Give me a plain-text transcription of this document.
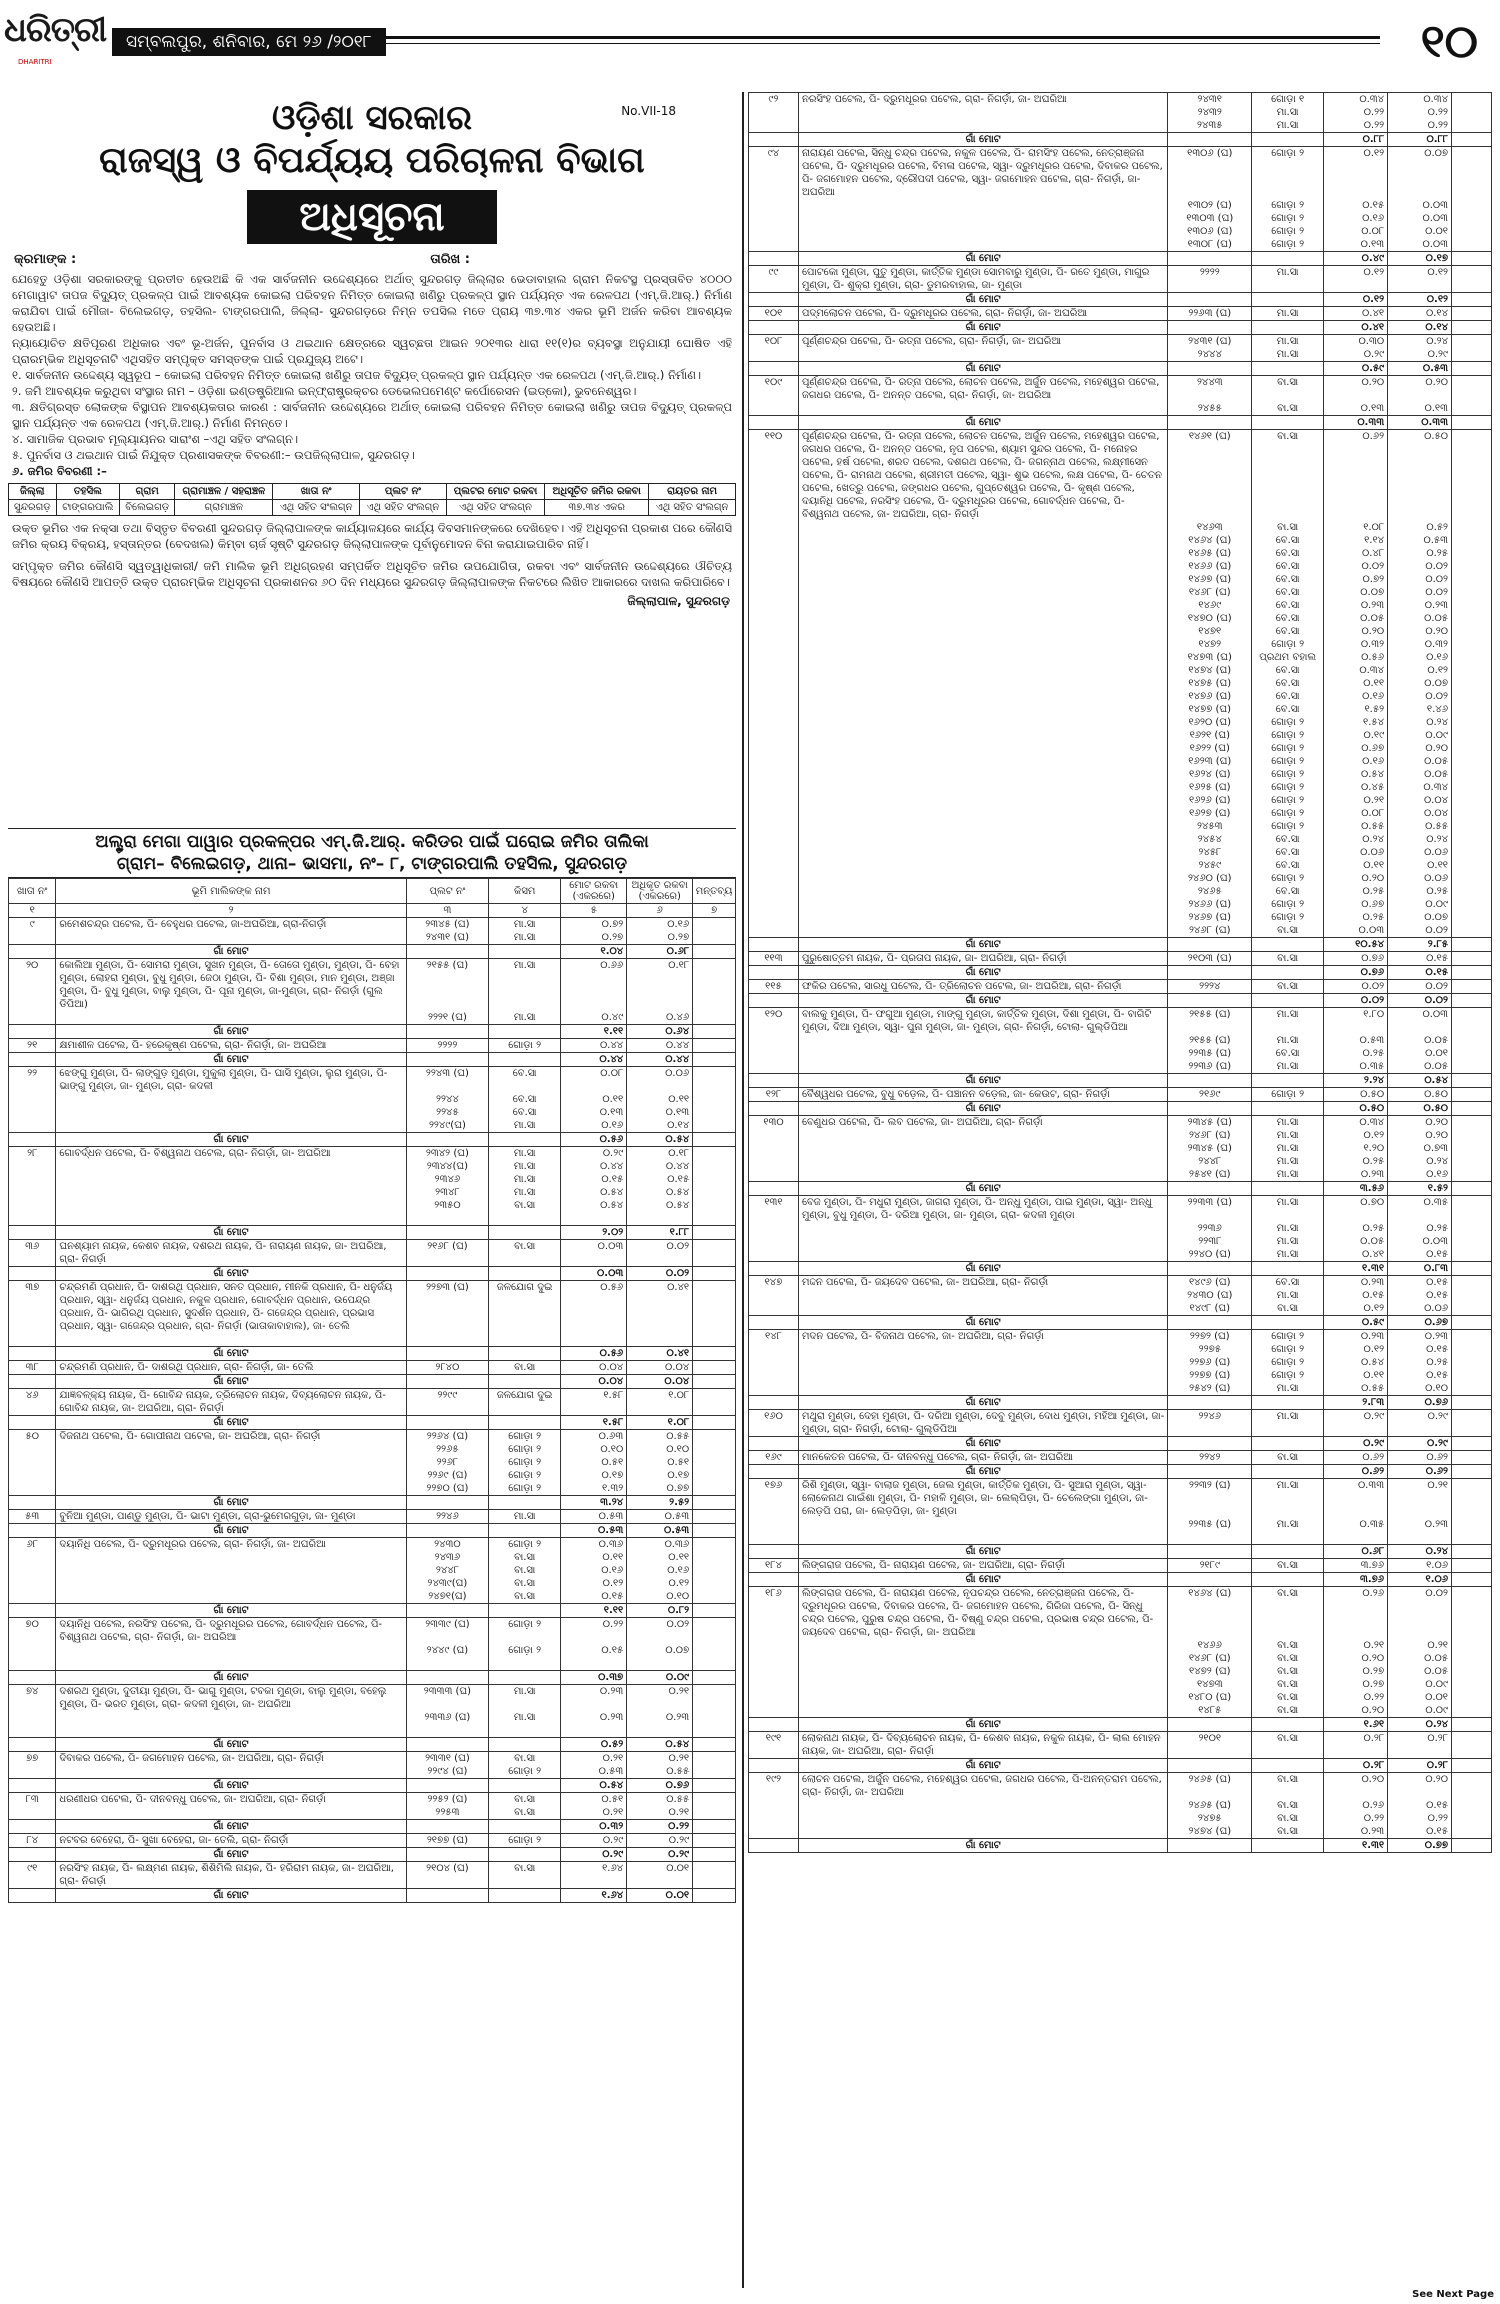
ଧରିତ୍ରୀ
DHARITRI
ସମ୍ବଲପୁର, ଶନିବାର, ମେ ୨୬ /୨୦୧୮	୧୦
No.VII-18
ଓଡ଼ିଶା ସରକାର
ରାଜସ୍ୱ ଓ ବିପର୍ଯ୍ୟୟ ପରିଚାଳନା ବିଭାଗ
ଅଧିସୂଚନା
କ୍ରମାଙ୍କ :	ତାରିଖ :
ଯେହେତୁ ଓଡ଼ିଶା ସରକାରଙ୍କୁ ପ୍ରତୀତ ହେଉଅଛି କି ଏକ ସାର୍ବଜନୀନ ଉଦ୍ଦେଶ୍ୟରେ ଅର୍ଥାତ୍ ସୁନ୍ଦରଗଡ଼ ଜିଲ୍ଲାର ଭେଡାବାହାଲ ଗ୍ରାମ ନିକଟସ୍ଥ ପ୍ରସ୍ତାବିତ ୪୦୦୦ ମେଗାୱାଟ ତାପଜ ବିଦ୍ୟୁତ୍ ପ୍ରକଳ୍ପ ପାଇଁ ଆବଶ୍ୟକ କୋଇଲା ପରିବହନ ନିମିତ୍ତ କୋଇଲା ଖଣିରୁ ପ୍ରକଳ୍ପ ସ୍ଥାନ ପର୍ଯ୍ୟନ୍ତ ଏକ ରେଳପଥ (ଏମ୍.ଜି.ଆର୍.) ନିର୍ମାଣ କରାଯିବା ପାଇଁ ମୌଜା- ବିଲେଇଗଡ଼, ତହସିଲ- ଟାଙ୍ଗରପାଲି, ଜିଲ୍ଲା- ସୁନ୍ଦରଗଡ଼ରେ ନିମ୍ନ ତପସିଲ ମତେ ପ୍ରାୟ ୩୭.୩୪ ଏକର ଭୂମି ଅର୍ଜନ କରିବା ଆବଶ୍ୟକ ହେଉଅଛି।
ନ୍ୟାୟୋଚିତ କ୍ଷତିପୂରଣ ଅଧିକାର ଏବଂ ଭୂ-ଅର୍ଜନ, ପୁନର୍ବାସ ଓ ଥଇଥାନ କ୍ଷେତ୍ରରେ ସ୍ୱଚ୍ଛତା ଆଇନ ୨୦୧୩ର ଧାରା ୧୧(୧)ର ବ୍ୟବସ୍ଥା ଅନୁଯାୟୀ ଘୋଷିତ ଏହି ପ୍ରାରମ୍ଭିକ ଅଧିସୂଚନାଟି ଏଥିସହିତ ସମ୍ପୃକ୍ତ ସମସ୍ତଙ୍କ ପାଇଁ ପ୍ରଯୁଜ୍ୟ ଅଟେ।
୧. ସାର୍ବଜନୀନ ଉଦ୍ଦେଶ୍ୟ ସ୍ୱରୂପ – କୋଇଲା ପରିବହନ ନିମିତ୍ତ କୋଇଲା ଖଣିରୁ ତାପଜ ବିଦ୍ୟୁତ୍ ପ୍ରକଳ୍ପ ସ୍ଥାନ ପର୍ଯ୍ୟନ୍ତ ଏକ ରେଳପଥ (ଏମ୍.ଜି.ଆର୍.) ନିର୍ମାଣ।
୨. ଜମି ଆବଶ୍ୟକ କରୁଥିବା ସଂସ୍ଥାର ନାମ – ଓଡ଼ିଶା ଇଣ୍ଡଷ୍ଟ୍ରିଆଲ ଇନ୍‌ଫ୍ରାଷ୍ଟ୍ରକ୍ଚର ଡେଭେଲପମେଣ୍ଟ କର୍ପୋରେସନ (ଇଡ୍‌କୋ), ଭୁବନେଶ୍ୱର।
୩. କ୍ଷତିଗ୍ରସ୍ତ ଲୋକଙ୍କ ବିସ୍ଥାପନ ଆବଶ୍ୟକତାର କାରଣ : ସାର୍ବଜନୀନ ଉଦ୍ଦେଶ୍ୟରେ ଅର୍ଥାତ୍ କୋଇଲା ପରିବହନ ନିମିତ୍ତ କୋଇଲା ଖଣିରୁ ତାପଜ ବିଦ୍ୟୁତ୍ ପ୍ରକଳ୍ପ ସ୍ଥାନ ପର୍ଯ୍ୟନ୍ତ ଏକ ରେଳପଥ (ଏମ୍.ଜି.ଆର୍.) ନିର୍ମାଣ ନିମନ୍ତେ।
୪. ସାମାଜିକ ପ୍ରଭାବ ମୂଲ୍ୟାୟନର ସାରାଂଶ –ଏଥି ସହିତ ସଂଲଗ୍ନ।
୫. ପୁନର୍ବାସ ଓ ଥଇଥାନ ପାଇଁ ନିଯୁକ୍ତ ପ୍ରଶାସକଙ୍କ ବିବରଣୀ:– ଉପଜିଲ୍ଲାପାଳ, ସୁନ୍ଦରଗଡ଼।
୬. ଜମିର ବିବରଣୀ :–
ଜିଲ୍ଲା	ତହସିଲ	ଗ୍ରାମ	ଗ୍ରାମାଞ୍ଚଳ / ସହରାଞ୍ଚଳ	ଖାତା ନଂ	ପ୍ଲଟ ନଂ	ପ୍ଲଟର ମୋଟ ରକବା	ଅଧିସୂଚିତ ଜମିର ରକବା	ରାୟତର ନାମ
ସୁନ୍ଦରଗଡ଼	ଟାଙ୍ଗରପାଲି	ବିଲେଇଗଡ଼	ଗ୍ରାମାଞ୍ଚଳ	ଏଥି ସହିତ ସଂଲଗ୍ନ	ଏଥି ସହିତ ସଂଲଗ୍ନ	ଏଥି ସହିତ ସଂଲଗ୍ନ	୩୭.୩୪ ଏକର	ଏଥି ସହିତ ସଂଲଗ୍ନ
ଉକ୍ତ ଭୂମିର ଏକ ନକ୍ସା ତଥା ବିସ୍ତୃତ ବିବରଣୀ ସୁନ୍ଦରଗଡ଼ ଜିଲ୍ଲାପାଳଙ୍କ କାର୍ଯ୍ୟାଳୟରେ କାର୍ଯ୍ୟ ଦିବସମାନଙ୍କରେ ଦେଖିହେବ। ଏହି ଅଧିସୂଚନା ପ୍ରକାଶ ପରେ କୌଣସି ଜମିର କ୍ରୟ ବିକ୍ରୟ, ହସ୍ତାନ୍ତର (ବେଦଖଲ) କିମ୍ବା ଚାର୍ଜ ସୃଷ୍ଟି ସୁନ୍ଦରଗଡ଼ ଜିଲ୍ଲାପାଳଙ୍କ ପୂର୍ବାନୁମୋଦନ ବିନା କରାଯାଇପାରିବ ନାହିଁ।
ସମ୍ପୃକ୍ତ ଜମିର କୌଣସି ସ୍ୱତ୍ୱାଧିକାରୀ/ ଜମି ମାଲିକ ଭୂମି ଅଧିଗ୍ରହଣ ସମ୍ପର୍କିତ ଅଧିସୂଚିତ ଜମିର ଉପଯୋଗିତା, ରକବା ଏବଂ ସାର୍ବଜନୀନ ଉଦ୍ଦେଶ୍ୟରେ ଔଚିତ୍ୟ ବିଷୟରେ କୌଣସି ଆପତ୍ତି ଉକ୍ତ ପ୍ରାରମ୍ଭିକ ଅଧିସୂଚନା ପ୍ରକାଶନର ୬୦ ଦିନ ମଧ୍ୟରେ ସୁନ୍ଦରଗଡ଼ ଜିଲ୍ଲାପାଳଙ୍କ ନିକଟରେ ଲିଖିତ ଆକାରରେ ଦାଖଲ କରିପାରିବେ।
ଜିଲ୍ଲାପାଳ, ସୁନ୍ଦରଗଡ଼
ଅଲ୍ଟ୍ରା ମେଗା ପାୱାର ପ୍ରକଳ୍ପର ଏମ୍.ଜି.ଆର୍. କରିଡର ପାଇଁ ଘରୋଇ ଜମିର ତାଲିକା
ଗ୍ରାମ– ବିଲେଇଗଡ଼, ଥାନା– ଭାସମା, ନଂ– ୮, ଟାଙ୍ଗରପାଲି ତହସିଲ, ସୁନ୍ଦରଗଡ଼
ଖାତା ନଂ	ଭୂମି ମାଲିକଙ୍କ ନାମ	ପ୍ଲଟ ନଂ	କିସମ	ମୋଟ ରକବା (ଏକରରେ)	ଅଧିକୃତ ରକବା (ଏକରରେ)	ମନ୍ତବ୍ୟ
୧	୨	୩	୪	୫	୬	୭
୯	ରମେଶଚନ୍ଦ୍ର ପଟେଲ, ପି- ବେହୁଧର ପଟେଲ, ଜା-ଅଘରିଆ, ଗ୍ରା-ନିଗର୍ଡ଼ା	୨୩୪୫ (ଘ)	ମା.ସା	୦.୭୨	୦.୧୬	
		୨୪୩୧ (ଘ)	ମା.ସା	୦.୨୭	୦.୨୭	
	ଗାଁ ମୋଟ			୧.୦୪	୦.୬୮	
୨୦	କୋଲିଆ ମୁଣ୍ଡା, ପି- ସୋମରା ମୁଣ୍ଡା, ସୁଖନ ମୁଣ୍ଡା, ପି- ତୋତୋ ମୁଣ୍ଡା, ମୁଣ୍ଡା, ପି- ବେହା ମୁଣ୍ଡା, ଲୋହରା ମୁଣ୍ଡା, ବୁଧୁ ମୁଣ୍ଡା, ଜେଠା ମୁଣ୍ଡା, ପି- ବିଶା ମୁଣ୍ଡା, ମାନ ମୁଣ୍ଡା, ଅଞ୍ଜା ମୁଣ୍ଡା, ପି- ବୁଧୁ ମୁଣ୍ଡା, ବାଲୁ ମୁଣ୍ଡା, ପି- ପୂନା ମୁଣ୍ଡା, ଜା-ମୁଣ୍ଡା, ଗ୍ରା- ନିଗର୍ଡ଼ା (ଗୁଲ ଡିପିଆ)	୨୧୫୫ (ଘ)	ମା.ସା	୦.୬୬	୦.୧୮	
		୨୨୨୧ (ଘ)	ମା.ସା	୦.୪୯	୦.୪୬	
	ଗାଁ ମୋଟ			୧.୧୧	୦.୬୪	
୨୧	କ୍ଷମାଶୀଳ ପଟେଲ, ପି- ହରେକୃଷ୍ଣ ପଟେଲ, ଗ୍ରା- ନିଗର୍ଡ଼ା, ଜା- ଅଘରିଆ	୨୨୨୨	ଗୋଡ଼ା ୨	୦.୪୪	୦.୪୪	
	ଗାଁ ମୋଟ			୦.୪୪	୦.୪୪	
୨୨	ଝେଙ୍ଗୁ ମୁଣ୍ଡା, ପି- ଲାଙ୍ଗୁଡ଼ ମୁଣ୍ଡା, ମୁକୁଲା ମୁଣ୍ଡା, ପି- ଘାସି ମୁଣ୍ଡା, ଲୁରା ମୁଣ୍ଡା, ପି- ଭାଙ୍ଗୁ ମୁଣ୍ଡା, ଜା- ମୁଣ୍ଡା, ଗ୍ରା- କଦଳୀ	୨୨୪୩ (ଘ)	ବେ.ସା	୦.୦୮	୦.୦୬	
		୨୨୪୪	ବେ.ସା	୦.୧୧	୦.୧୧	
		୨୨୪୫	ବେ.ସା	୦.୧୩	୦.୧୩	
		୨୨୪୯(ଘ)	ମା.ସା	୦.୧୬	୦.୧୪	
	ଗାଁ ମୋଟ			୦.୫୬	୦.୫୪	
୨୮	ଗୋବର୍ଦ୍ଧନ ପଟେଲ, ପି- ବିଶ୍ୱନାଥ ପଟେଲ, ଗ୍ରା- ନିଗର୍ଡ଼ା, ଜା- ଅଘରିଆ	୨୩୪୨ (ଘ)	ମା.ସା	୦.୨୯	୦.୧୮	
		୨୩୪୪(ଘ)	ମା.ସା	୦.୪୪	୦.୪୪	
		୨୩୪୬	ମା.ସା	୦.୧୫	୦.୧୫	
		୨୩୪୮	ମା.ସା	୦.୫୪	୦.୫୪	
		୨୩୫୦	ବା.ସା	୦.୫୪	୦.୫୪	

	ଗାଁ ମୋଟ			୨.୦୨	୧.୮୮	
୩୬	ଘନଶ୍ୟାମ ନାୟକ, କେଶବ ନାୟକ, ଦଶରଥ ନାୟକ, ପି- ନାରାୟଣ ନାୟକ, ଜା- ଅଘରିଆ, ଗ୍ରା- ନିଗର୍ଡ଼ା	୨୧୬୮ (ଘ)	ବା.ସା	୦.୦୩	୦.୦୨	
	ଗାଁ ମୋଟ			୦.୦୩	୦.୦୨	
୩୭	ଚନ୍ଦ୍ରମଣି ପ୍ରଧାନ, ପି- ଦାଶରଥି ପ୍ରଧାନ, ସନତ ପ୍ରଧାନ, ମୀନକି ପ୍ରଧାନ, ପି- ଧନୁର୍ଜୟ ପ୍ରଧାନ, ସ୍ୱା- ଧନୁର୍ଜୟ ପ୍ରଧାନ, ନକୁଳ ପ୍ରଧାନ, ଗୋବର୍ଦ୍ଧନ ପ୍ରଧାନ, ଉପେନ୍ଦ୍ର ପ୍ରଧାନ, ପି- ଭାଗିରଥି ପ୍ରଧାନ, ସୁଦର୍ଶନ ପ୍ରଧାନ, ପି- ଗଜେନ୍ଦ୍ର ପ୍ରଧାନ, ପ୍ରଭାସ ପ୍ରଧାନ, ସ୍ୱା- ଗଜେନ୍ଦ୍ର ପ୍ରଧାନ, ଗ୍ରା- ନିଗର୍ଡ଼ା (ଭାତାକାବାହାଲ), ଜା- ତେଲି	୨୨୭୩ (ଘ)	ଜଳଯୋଗ ଦୁଇ	୦.୫୬	୦.୪୧	

	ଗାଁ ମୋଟ			୦.୫୬	୦.୪୧	
୩୮	ଚନ୍ଦ୍ରମଣି ପ୍ରଧାନ, ପି- ଦାଶରଥି ପ୍ରଧାନ, ଗ୍ରା- ନିଗର୍ଡ଼ା, ଜା- ତେଲି	୨୮୪୦	ବା.ସା	୦.୦୪	୦.୦୪	
	ଗାଁ ମୋଟ			୦.୦୪	୦.୦୪	
୪୬	ଯାଜ୍ଞବଳ୍କ୍ୟ ନାୟକ, ପି- ଗୋବିନ୍ଦ ନାୟକ, ତ୍ରିଲୋଚନ ନାୟକ, ଦିବ୍ୟଲୋଚନ ନାୟକ, ପି- ଗୋବିନ୍ଦ ନାୟକ, ଜା- ଅଘରିଆ, ଗ୍ରା- ନିଗର୍ଡ଼ା	୨୨୯୯	ଜଳଯୋଗ ଦୁଇ	୧.୫୮	୧.୦୮	
	ଗାଁ ମୋଟ			୧.୫୮	୧.୦୮	
୫୦	ଦିଜନାଥ ପଟେଲ, ପି- ଗୋପୀନାଥ ପଟେଲ, ଜା- ଅଘରିଆ, ଗ୍ରା- ନିଗର୍ଡ଼ା	୨୨୬୪ (ଘ)	ଗୋଡ଼ା ୨	୦.୬୩	୦.୫୫	
		୨୨୬୫	ଗୋଡ଼ା ୨	୦.୧୦	୦.୧୦	
		୨୨୬୮	ଗୋଡ଼ା ୨	୦.୫୧	୦.୫୧	
		୨୨୬୯ (ଘ)	ଗୋଡ଼ା ୨	୦.୧୭	୦.୧୭	
		୨୨୭୦ (ଘ)	ଗୋଡ଼ା ୨	୧.୩୨	୦.୭୭	
	ଗାଁ ମୋଟ			୩.୨୪	୨.୫୨	
୫୩	ବୁନିଆ ମୁଣ୍ଡା, ପାଣ୍ଡୁ ମୁଣ୍ଡା, ପି- ଭାଟା ମୁଣ୍ଡା, ଗ୍ରା-ଭୁମେରଗୁଡ଼ା, ଜା- ମୁଣ୍ଡା	୨୨୪୬	ମା.ସା	୦.୫୩	୦.୫୩	
	ଗାଁ ମୋଟ			୦.୫୩	୦.୫୩	
୬୮	ଦୟାନିଧି ପଟେଲ, ପି- ଦ୍ରୁମଧୂରର ପଟେଲ, ଗ୍ରା- ନିଗର୍ଡ଼ା, ଜା- ଅଘରିଆ	୨୪୩୦	ଗୋଡ଼ା ୨	୦.୩୬	୦.୩୬	
		୨୪୩୬	ବା.ସା	୦.୧୧	୦.୧୧	
		୨୪୪୮	ବା.ସା	୦.୧୬	୦.୧୬	
		୨୪୩୯(ଘ)	ବା.ସା	୦.୧୨	୦.୧୨	
		୨୪୭୧(ଘ)	ବା.ସା	୦.୧୫	୦.୧୦	
	ଗାଁ ମୋଟ			୧.୧୧	୦.୮୨	
୭୦	ଦୟାନିଧି ପଟେଲ, ନରସିଂହ ପଟେଲ, ପି- ଦ୍ରୁମଧୂରର ପଟେଲ, ଗୋବର୍ଦ୍ଧନ ପଟେଲ, ପି- ବିଶ୍ୱନାଥ ପଟେଲ, ଗ୍ରା- ନିଗର୍ଡ଼ା, ଜା- ଅଘରିଆ	୨୩୩୯ (ଘ)	ଗୋଡ଼ା ୨	୦.୨୨	୦.୦୨	
		୨୪୪୯ (ଘ)	ଗୋଡ଼ା ୨	୦.୧୫	୦.୦୭	

	ଗାଁ ମୋଟ			୦.୩୭	୦.୦୯	
୭୪	ଦଶରଥ ମୁଣ୍ଡା, ଦୁତୀୟା ମୁଣ୍ଡା, ପି- ଭାଗୁ ମୁଣ୍ଡା, ଟବକା ମୁଣ୍ଡା, ବାଲୁ ମୁଣ୍ଡା, ବହେଲୁ ମୁଣ୍ଡା, ପି- ଭରତ ମୁଣ୍ଡା, ଗ୍ରା- କଦଳୀ ମୁଣ୍ଡା, ଜା- ଅଘରିଆ	୨୩୩୩ (ଘ)	ମା.ସା	୦.୨୩	୦.୨୧	
		୨୩୩୬ (ଘ)	ମା.ସା	୦.୨୩	୦.୨୩	

	ଗାଁ ମୋଟ			୦.୫୨	୦.୫୪	
୭୭	ଦିବାକର ପଟେଲ, ପି- ଜଗମୋହନ ପଟେଲ, ଜା- ଅଘରିଆ, ଗ୍ରା- ନିଗର୍ଡ଼ା	୨୩୩୧ (ଘ)	ବା.ସା	୦.୨୧	୦.୨୧	
		୨୨୯୪ (ଘ)	ଗୋଡ଼ା ୨	୦.୫୩	୦.୫୫	
	ଗାଁ ମୋଟ			୦.୫୪	୦.୭୬	
୮୩	ଧରଣୀଧର ପଟେଲ, ପି- ଦୀନବନ୍ଧୁ ପଟେଲ, ଜା- ଅଘରିଆ, ଗ୍ରା- ନିଗର୍ଡ଼ା	୨୨୫୨ (ଘ)	ବା.ସା	୦.୫୧	୦.୫୫	
		୨୨୫୩	ବା.ସା	୦.୨୧	୦.୨୧	
	ଗାଁ ମୋଟ			୦.୩୨	୦.୨୨	
୮୪	ନଟବର ବେହେରା, ପି- ସୁଖା ବେହେରା, ଜା- ତେଲି, ଗ୍ରା- ନିଗର୍ଡ଼ା	୨୧୭୭ (ଘ)	ଗୋଡ଼ା ୨	୦.୨୯	୦.୨୯	
	ଗାଁ ମୋଟ			୦.୨୯	୦.୨୯	
୯୧	ନରସିଂହ ନାୟକ, ପି- ଲକ୍ଷ୍ମଣ ନାୟକ, ଶିଶିମିଲି ନାୟକ, ପି- ହରିରାମ ନାୟକ, ଜା- ଅଘରିଆ, ଗ୍ରା- ନିଗର୍ଡ଼ା	୨୧୦୪ (ଘ)	ବା.ସା	୧.୬୪	୦.୦୧	
	ଗାଁ ମୋଟ			୧.୬୪	୦.୦୧	
୯୨	ନରସିଂହ ପଟେଲ, ପି- ଦ୍ରୁମଧୂରର ପଟେଲ, ଗ୍ରା- ନିଗର୍ଡ଼ା, ଜା- ଅଘରିଆ	୨୪୩୧	ଗୋଡ଼ା ୧	୦.୩୪	୦.୩୪	
		୨୪୩୨	ମା.ସା	୦.୨୨	୦.୨୨	
		୨୪୩୫	ମା.ସା	୦.୨୨	୦.୨୨	
	ଗାଁ ମୋଟ			୦.୮୮	୦.୮୮	
୯୪	ନାରାୟଣ ପଟେଲ, ସିନ୍ଧୁ ଚନ୍ଦ୍ର ପଟେଲ, ନକୁଳ ପଟେଲ, ପି- ରାମସିଂହ ପଟେଲ, ନେତ୍ରାଞ୍ଜନା ପଟେଲ, ପି- ଦ୍ରୁମଧୂରର ପଟେଲ, ବିମଳା ପଟେଲ, ସ୍ୱା- ଦ୍ରୁମଧୂରର ପଟେଲ, ଦିବାକର ପଟେଲ, ପି- ଜଗମୋହନ ପଟେଲ, ଦ୍ରୌପଦୀ ପଟେଲ, ସ୍ୱା- ଜଗମୋହନ ପଟେଲ, ଗ୍ରା- ନିଗର୍ଡ଼ା, ଜା- ଅଘରିଆ	୧୩୦୬ (ଘ)	ଗୋଡ଼ା ୨	୦.୧୨	୦.୦୭	
		୧୩୦୨ (ଘ)	ଗୋଡ଼ା ୨	୦.୧୫	୦.୦୩	
		୧୩୦୩ (ଘ)	ଗୋଡ଼ା ୨	୦.୧୬	୦.୦୩	
		୧୩୦୬ (ଘ)	ଗୋଡ଼ା ୨	୦.୦୮	୦.୦୧	
		୧୩୦୮ (ଘ)	ଗୋଡ଼ା ୨	୦.୧୩	୦.୦୩	
	ଗାଁ ମୋଟ			୦.୪୯	୦.୧୭	
୯୯	ପୋଟକୋ ମୁଣ୍ଡା, ପୁତୁ ମୁଣ୍ଡା, କାର୍ତ୍ତିକ ମୁଣ୍ଡା ସୋମବାରୁ ମୁଣ୍ଡା, ପି- ରତେ ମୁଣ୍ଡା, ମାଗୁର ମୁଣ୍ଡା, ପି- ଶୁକ୍ରା ମୁଣ୍ଡା, ଗ୍ରା- ଡୁମରବାହାଲ, ଜା- ମୁଣ୍ଡା	୨୨୨୨	ମା.ସା	୦.୧୨	୦.୧୨	
	ଗାଁ ମୋଟ			୦.୧୨	୦.୧୨	
୧୦୧	ପଦ୍ମଲୋଚନ ପଟେଲ, ପି- ଦ୍ରୁମଧୂରର ପଟେଲ, ଗ୍ରା- ନିଗର୍ଡ଼ା, ଜା- ଅଘରିଆ	୨୨୬୩ (ଘ)	ମା.ସା	୦.୪୧	୦.୧୪	
	ଗାଁ ମୋଟ			୦.୪୧	୦.୧୪	
୧୦୮	ପୂର୍ଣ୍ଣଚନ୍ଦ୍ର ପଟେଲ, ପି- ରତ୍ନା ପଟେଲ, ଗ୍ରା- ନିଗର୍ଡ଼ା, ଜା- ଅଘରିଆ	୨୪୩୧ (ଘ)	ମା.ସା	୦.୩୦	୦.୨୪	
		୨୪୪୪	ମା.ସା	୦.୨୯	୦.୨୯	
	ଗାଁ ମୋଟ			୦.୫୯	୦.୫୩	
୧୦୯	ପୂର୍ଣ୍ଣଚନ୍ଦ୍ର ପଟେଲ, ପି- ରତ୍ନା ପଟେଲ, ଲୋଚନ ପଟେଲ, ଅର୍ଜୁନ ପଟେଲ, ମହେଶ୍ୱର ପଟେଲ, ଜଗଧର ପଟେଲ, ପି- ଅନନ୍ତ ପଟେଲ, ଗ୍ରା- ନିଗର୍ଡ଼ା, ଜା- ଅଘରିଆ	୨୪୪୩	ବା.ସା	୦.୨୦	୦.୨୦	
		୨୪୫୫	ବା.ସା	୦.୧୩	୦.୧୩	
	ଗାଁ ମୋଟ			୦.୩୩	୦.୩୩	
୧୧୦	ପୂର୍ଣ୍ଣଚନ୍ଦ୍ର ପଟେଲ, ପି- ରତ୍ନା ପଟେଲ, ଲୋଚନ ପଟେଲ, ଅର୍ଜୁନ ପଟେଲ, ମହେଶ୍ୱର ପଟେଲ, ଜଗଧର ପଟେଲ, ପି- ଅନନ୍ତ ପଟେଲ, ନୃପ ପଟେଲ, ଶ୍ୟାମ ସୁନ୍ଦର ପଟେଲ, ପି- ମନୋହର ପଟେଲ, ହର୍ଷ ପଟେଲ, ଶରତ ପଟେଲ, ଦଶରଥ ପଟେଲ, ପି- ଜଗନ୍ନାଥ ପଟେଲ, ଲକ୍ଷ୍ମୀସେନ ପଟେଲ, ପି- ରାମନାଥ ପଟେଲ, ଶ୍ରୀମତୀ ପଟେଲ, ସ୍ୱା- ଶୁଭ ପଟେଲ, ଲକ୍ଷ ପଟେଲ, ପି- ଚେତନ ପଟେଲ, ଖେତ୍ରୁ ପଟେଲ, ଜଙ୍ଗଧର ପଟେଲ, ଗୁପ୍ତେଶ୍ୱର ପଟେଲ, ପି- କୃଷ୍ଣ ପଟେଲ, ଦୟାନିଧି ପଟେଲ, ନରସିଂହ ପଟେଲ, ପି- ଦ୍ରୁମଧୂରର ପଟେଲ, ଗୋବର୍ଦ୍ଧନ ପଟେଲ, ପି- ବିଶ୍ୱନାଥ ପଟେଲ, ଜା- ଅଘରିଆ, ଗ୍ରା- ନିଗର୍ଡ଼ା	୧୪୬୧ (ଘ)	ବା.ସା	୦.୬୨	୦.୫୦	
		୧୪୬୩	ବା.ସା	୧.୦୮	୦.୫୨	
		୧୪୬୪ (ଘ)	ବେ.ସା	୧.୧୪	୦.୫୩	
		୧୪୬୫ (ଘ)	ବେ.ସା	୦.୪୮	୦.୨୫	
		୧୪୬୬ (ଘ)	ବେ.ସା	୦.୦୨	୦.୦୨	
		୧୪୬୭ (ଘ)	ବେ.ସା	୦.୭୨	୦.୦୨	
		୧୪୬୮ (ଘ)	ବେ.ସା	୦.୦୭	୦.୦୨	
		୧୪୬୯	ବେ.ସା	୦.୨୩	୦.୨୩	
		୧୪୭୦ (ଘ)	ବେ.ସା	୦.୦୫	୦.୦୫	
		୧୪୭୧	ବେ.ସା	୦.୨୦	୦.୨୦	
		୧୪୭୨	ଗୋଡ଼ା ୨	୦.୩୨	୦.୩୨	
		୧୪୭୩ (ଘ)	ପ୍ରଥମ ବହାଲ	୦.୫୬	୦.୧୬	
		୧୪୭୪ (ଘ)	ବେ.ସା	୦.୩୪	୦.୧୨	
		୧୪୭୫ (ଘ)	ବେ.ସା	୦.୧୧	୦.୦୭	
		୧୪୭୬ (ଘ)	ବେ.ସା	୦.୧୬	୦.୦୨	
		୧୪୭୭ (ଘ)	ବେ.ସା	୧.୫୨	୧.୪୬	
		୧୬୨୦ (ଘ)	ଗୋଡ଼ା ୨	୧.୫୪	୦.୨୪	
		୧୬୨୧ (ଘ)	ଗୋଡ଼ା ୨	୦.୧୯	୦.୦୯	
		୧୬୨୨ (ଘ)	ଗୋଡ଼ା ୨	୦.୬୭	୦.୨୦	
		୧୬୨୩ (ଘ)	ଗୋଡ଼ା ୨	୦.୧୬	୦.୦୫	
		୧୬୨୪ (ଘ)	ଗୋଡ଼ା ୨	୦.୫୪	୦.୦୫	
		୧୬୨୫ (ଘ)	ଗୋଡ଼ା ୨	୦.୪୫	୦.୩୪	
		୧୬୨୬ (ଘ)	ଗୋଡ଼ା ୨	୦.୨୧	୦.୦୪	
		୧୬୨୭ (ଘ)	ଗୋଡ଼ା ୨	୦.୦୮	୦.୦୪	
		୨୪୫୩	ଗୋଡ଼ା ୨	୦.୫୫	୦.୫୫	
		୨୪୫୪	ବେ.ସା	୦.୨୪	୦.୨୪	
		୨୪୫୮	ବେ.ସା	୦.୦୬	୦.୦୬	
		୨୪୫୯	ବେ.ସା	୦.୧୧	୦.୧୧	
		୨୪୬୦ (ଘ)	ଗୋଡ଼ା ୨	୦.୨୦	୦.୦୬	
		୨୪୬୫	ବେ.ସା	୦.୨୫	୦.୨୫	
		୨୪୬୬ (ଘ)	ଗୋଡ଼ା ୨	୦.୬୭	୦.୦୯	
		୨୪୬୭ (ଘ)	ଗୋଡ଼ା ୨	୦.୨୫	୦.୦୭	
		୨୪୬୮ (ଘ)	ବା.ସା	୦.୦୩	୦.୦୨	
	ଗାଁ ମୋଟ			୧୦.୫୪	୨.୮୫	
୧୧୩	ପୁରୁଷୋତ୍ତମ ନାୟକ, ପି- ପ୍ରତାପ ନାୟକ, ଜା- ଅଘରିଆ, ଗ୍ରା- ନିଗର୍ଡ଼ା	୨୧୦୩ (ଘ)	ବା.ସା	୦.୭୬	୦.୧୫	
	ଗାଁ ମୋଟ			୦.୭୬	୦.୧୫	
୧୧୫	ଫକିର ପଟେଲ, ସାରଧୁ ପଟେଲ, ପି- ତ୍ରିଲୋଚନ ପଟେଲ, ଜା- ଅଘରିଆ, ଗ୍ରା- ନିଗର୍ଡ଼ା	୨୨୨୪	ବା.ସା	୦.୦୨	୦.୦୨	
	ଗାଁ ମୋଟ			୦.୦୨	୦.୦୨	
୧୨୦	ବାଲକୁ ମୁଣ୍ଡା, ପି- ଫଗୁଆ ମୁଣ୍ଡା, ମାଙ୍ଗୁ ମୁଣ୍ଡା, କାର୍ତ୍ତିକ ମୁଣ୍ଡା, ଦିଶା ମୁଣ୍ଡା, ପି- ବାଗିଟି ମୁଣ୍ଡା, ଦିଆ ମୁଣ୍ଡା, ସ୍ୱା- ପୁନା ମୁଣ୍ଡା, ଜା- ମୁଣ୍ଡା, ଗ୍ରା- ନିଗର୍ଡ଼ା, ଟୋଲା- ଗୁଲ୍‌ଡିପିଆ	୨୧୫୫ (ଘ)	ମା.ସା	୧.୮୦	୦.୦୩	
		୨୧୫୫ (ଘ)	ମା.ସା	୦.୫୩	୦.୦୫	
		୨୨୩୫ (ଘ)	ବେ.ସା	୦.୨୫	୦.୦୧	
		୨୨୩୬ (ଘ)	ମା.ସା	୦.୩୫	୦.୦୫	
	ଗାଁ ମୋଟ			୨.୨୪	୦.୫୪	
୧୨୮	ବୈଶ୍ୱଧର ପଟେଲ, ବୁଧୁ ବଡ଼େଲ, ପି- ପଞ୍ଚାନନ ବଡ଼େଲ, ଜା- କେଉଟ, ଗ୍ରା- ନିଗର୍ଡ଼ା	୨୧୬୯	ଗୋଡ଼ା ୨	୦.୫୦	୦.୫୦	
	ଗାଁ ମୋଟ			୦.୫୦	୦.୫୦	
୧୩୦	ବେଣୁଧର ପଟେଲ, ପି- ଲବ ପଟେଲ, ଜା- ଅଘରିଆ, ଗ୍ରା- ନିଗର୍ଡ଼ା	୨୩୪୫ (ଘ)	ମା.ସା	୦.୩୪	୦.୨୦	
		୨୪୬୮ (ଘ)	ମା.ସା	୦.୧୨	୦.୨୦	
		୨୩୪୫ (ଘ)	ମା.ସା	୧.୨୦	୦.୭୩	
		୨୪୪୮	ମା.ସା	୦.୨୫	୦.୨୪	
		୨୫୪୧ (ଘ)	ମା.ସା	୦.୨୩	୦.୧୬	
	ଗାଁ ମୋଟ			୩.୫୬	୧.୫୨	
୧୩୧	ବେଜ ମୁଣ୍ଡା, ପି- ମଧୁରା ମୁଣ୍ଡା, ଜାଗରା ମୁଣ୍ଡା, ପି- ଅନ୍ଧୁ ମୁଣ୍ଡା, ପାଇ ମୁଣ୍ଡା, ସ୍ୱା- ଅନ୍ଧୁ ମୁଣ୍ଡା, ବୁଧୁ ମୁଣ୍ଡା, ପି- ଦରିଆ ମୁଣ୍ଡା, ଜା- ମୁଣ୍ଡା, ଗ୍ରା- କଦଳୀ ମୁଣ୍ଡା	୨୨୩୩ (ଘ)	ମା.ସା	୦.୭୦	୦.୩୫	
		୨୨୩୬	ମା.ସା	୦.୨୫	୦.୨୫	
		୨୨୩୮	ମା.ସା	୦.୦୫	୦.୦୩	
		୨୨୪୦ (ଘ)	ମା.ସା	୦.୪୧	୦.୧୫	
	ଗାଁ ମୋଟ			୧.୩୧	୦.୮୩	
୧୪୭	ମଦ୍ଦନ ପଟେଲ, ପି- ଜୟଦେବ ପଟେଲ, ଜା- ଅଘରିଆ, ଗ୍ରା- ନିଗର୍ଡ଼ା	୧୪୯୬ (ଘ)	ବେ.ସା	୦.୨୩	୦.୧୫	
		୨୪୩୦ (ଘ)	ମା.ସା	୦.୧୫	୦.୧୫	
		୧୪୯୮ (ଘ)	ବା.ସା	୦.୧୨	୦.୦୬	
	ଗାଁ ମୋଟ			୦.୫୯	୦.୬୭	
୧୪୮	ମଦନ ପଟେଲ, ପି- ବିଜନାଥ ପଟେଲ, ଜା- ଅଘରିଆ, ଗ୍ରା- ନିଗର୍ଡ଼ା	୨୨୭୨ (ଘ)	ଗୋଡ଼ା ୨	୦.୨୩	୦.୨୩	
		୨୨୭୫	ଗୋଡ଼ା ୨	୦.୧୨	୦.୧୫	
		୨୨୭୬ (ଘ)	ଗୋଡ଼ା ୨	୦.୫୪	୦.୨୫	
		୨୨୭୭ (ଘ)	ଗୋଡ଼ା ୨	୦.୧୧	୦.୧୫	
		୨୫୪୨ (ଘ)	ମା.ସା	୦.୫୫	୦.୧୦	
	ଗାଁ ମୋଟ			୨.୮୩	୦.୭୬	
୧୬୦	ମଥୁରା ମୁଣ୍ଡା, ଦେହା ମୁଣ୍ଡା, ପି- ଦରିଆ ମୁଣ୍ଡା, ଦେବୁ ମୁଣ୍ଡା, ଦୋଧ ମୁଣ୍ଡା, ମହିଆ ମୁଣ୍ଡା, ଜା- ମୁଣ୍ଡା, ଗ୍ରା- ନିଗର୍ଡ଼ା, ଟୋଲା- ଗୁଲ୍‌ଡିପିଆ	୨୨୪୬	ମା.ସା	୦.୨୯	୦.୨୯	
	ଗାଁ ମୋଟ			୦.୨୯	୦.୨୯	
୧୬୯	ମାନକେତନ ପଟେଲ, ପି- ଦୀନବନ୍ଧୁ ପଟେଲ, ଗ୍ରା- ନିଗର୍ଡ଼ା, ଜା- ଅଘରିଆ	୨୨୪୨	ବା.ସା	୦.୬୨	୦.୬୨	
	ଗାଁ ମୋଟ			୦.୬୨	୦.୬୨	
୧୭୬	ରିଶି ମୁଣ୍ଡା, ସ୍ୱା- ବାଲାଜ ମୁଣ୍ଡା, ଜେଲ ମୁଣ୍ଡା, କାର୍ତ୍ତିକ ମୁଣ୍ଡା, ପି- ସୁଆରା ମୁଣ୍ଡା, ସ୍ୱା- ଲୋକେନାଥ ଗାଇଁଶା ମୁଣ୍ଡା, ପି- ମହାଳି ମୁଣ୍ଡା, ଜା- ଲେଲ୍‌ପିଡ଼ା, ପି- ଚେଲେଙ୍ଗା ମୁଣ୍ଡା, ଜା- ଲେଡ଼ପି ପରା, ଜା- ଲେଡ଼ପିଡ଼ା, ଜା- ମୁଣ୍ଡା	୨୨୩୨ (ଘ)	ମା.ସା	୦.୩୩	୦.୨୧	
		୨୨୩୫ (ଘ)	ମା.ସା	୦.୩୫	୦.୨୩	

	ଗାଁ ମୋଟ			୦.୬୮	୦.୨୪	
୧୮୪	ଲିଙ୍ଗରାଜ ପଟେଲ, ପି- ନାରାୟଣ ପଟେଲ, ଜା- ଅଘରିଆ, ଗ୍ରା- ନିଗର୍ଡ଼ା	୨୧୮୯	ବା.ସା	୩.୭୬	୧.୦୬	
	ଗାଁ ମୋଟ			୩.୭୬	୧.୦୬	
୧୮୬	ଲିଙ୍ଗରାଜ ପଟେଲ, ପି- ନାରାୟଣ ପଟେଲ, ନୃପଚନ୍ଦ୍ର ପଟେଲ, ନେତ୍ରାଞ୍ଜନା ପଟେଲ, ପି- ଦ୍ରୁମଧୂରର ପଟେଲ, ଦିବାକର ପଟେଲ, ପି- ଜଗମୋହନ ପଟେଲ, ଗିରିଜା ପଟେଲ, ପି- ସିନ୍ଧୁ ଚନ୍ଦ୍ର ପଟେଲ, ପୁରୁଷ ଚନ୍ଦ୍ର ପଟେଲ, ପି- ବିଷ୍ଣୁ ଚନ୍ଦ୍ର ପଟେଲ, ପ୍ରଭାଷ ଚନ୍ଦ୍ର ପଟେଲ, ପି- ଜୟଦେବ ପଟେଲ, ଗ୍ରା- ନିଗର୍ଡ଼ା, ଜା- ଅଘରିଆ	୧୪୬୪ (ଘ)	ବା.ସା	୦.୨୬	୦.୦୨	
		୧୪୬୬	ବା.ସା	୦.୨୧	୦.୨୧	
		୧୪୬୮ (ଘ)	ବା.ସା	୦.୨୦	୦.୦୫	
		୧୪୭୨ (ଘ)	ବା.ସା	୦.୨୭	୦.୦୫	
		୧୪୭୩	ବା.ସା	୦.୨୭	୦.୦୯	
		୧୪୮୦ (ଘ)	ବା.ସା	୦.୨୨	୦.୦୧	
		୧୪୮୫	ବା.ସା	୦.୨୦	୦.୦୯	
	ଗାଁ ମୋଟ			୧.୬୧	୦.୨୪	
୧୯୧	ଲୋକନାଥ ନାୟକ, ପି- ଦିବ୍ୟଲୋଚନ ନାୟକ, ପି- କେଶବ ନାୟକ, ନକୁଳ ନାୟକ, ପି- ଲାଲ ମୋହନ ନାୟକ, ଜା- ଅଘରିଆ, ଗ୍ରା- ନିଗର୍ଡ଼ା	୨୧୦୧	ବା.ସା	୦.୨୮	୦.୨୮	
	ଗାଁ ମୋଟ			୦.୨୮	୦.୨୮	
୧୯୨	ଲୋଚନ ପଟେଲ, ଅର୍ଜୁନ ପଟେଲ, ମହେଶ୍ୱର ପଟେଲ, ଜଗଧର ପଟେଲ, ପି-ଅନନ୍ତରାମ ପଟେଲ, ଗ୍ରା- ନିଗର୍ଡ଼ା, ଜା- ଅଘରିଆ	୨୪୬୫ (ଘ)	ବା.ସା	୦.୨୦	୦.୨୦	
		୨୪୬୫ (ଘ)	ବା.ସା	୦.୨୬	୦.୧୫	
		୨୪୭୫	ବା.ସା	୦.୨୨	୦.୨୨	
		୨୪୭୪ (ଘ)	ବା.ସା	୦.୨୩	୦.୧୫	
	ଗାଁ ମୋଟ			୧.୩୧	୦.୭୭	
See Next Page
